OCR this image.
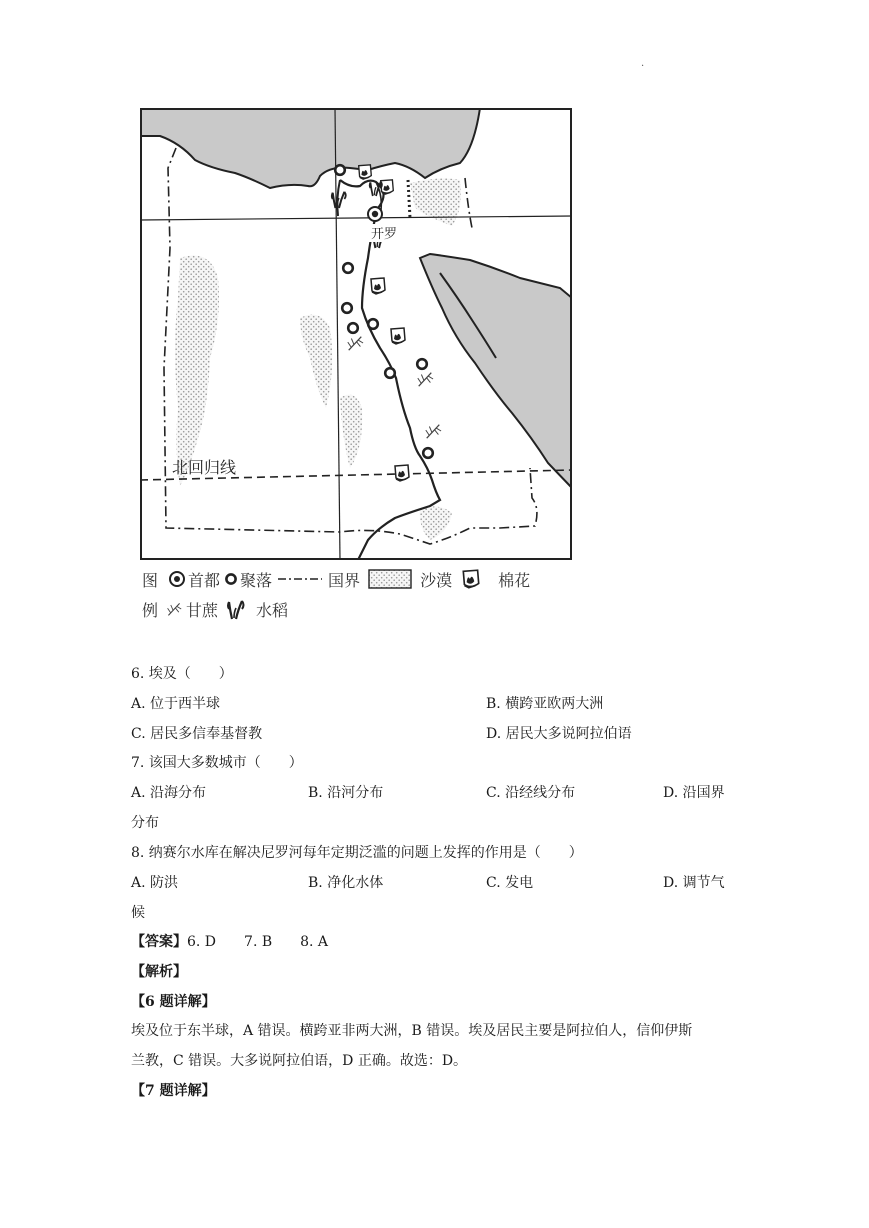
.
开罗
北回归线
图 首都 聚落	国界	沙漠	棉花
例 甘蔗 水稻
6. 埃及（　　）
A. 位于西半球	B. 横跨亚欧两大洲
C. 居民多信奉基督教	D. 居民大多说阿拉伯语
7. 该国大多数城市（　　）
A. 沿海分布	B. 沿河分布	C. 沿经线分布	D. 沿国界
分布
8. 纳赛尔水库在解决尼罗河每年定期泛滥的问题上发挥的作用是（　　）
A. 防洪	B. 净化水体	C. 发电	D. 调节气
候
【答案】6. D　　7. B　　8. A
【解析】
【6 题详解】
埃及位于东半球，A 错误。横跨亚非两大洲，B 错误。埃及居民主要是阿拉伯人，信仰伊斯
兰教，C 错误。大多说阿拉伯语，D 正确。故选：D。
【7 题详解】
